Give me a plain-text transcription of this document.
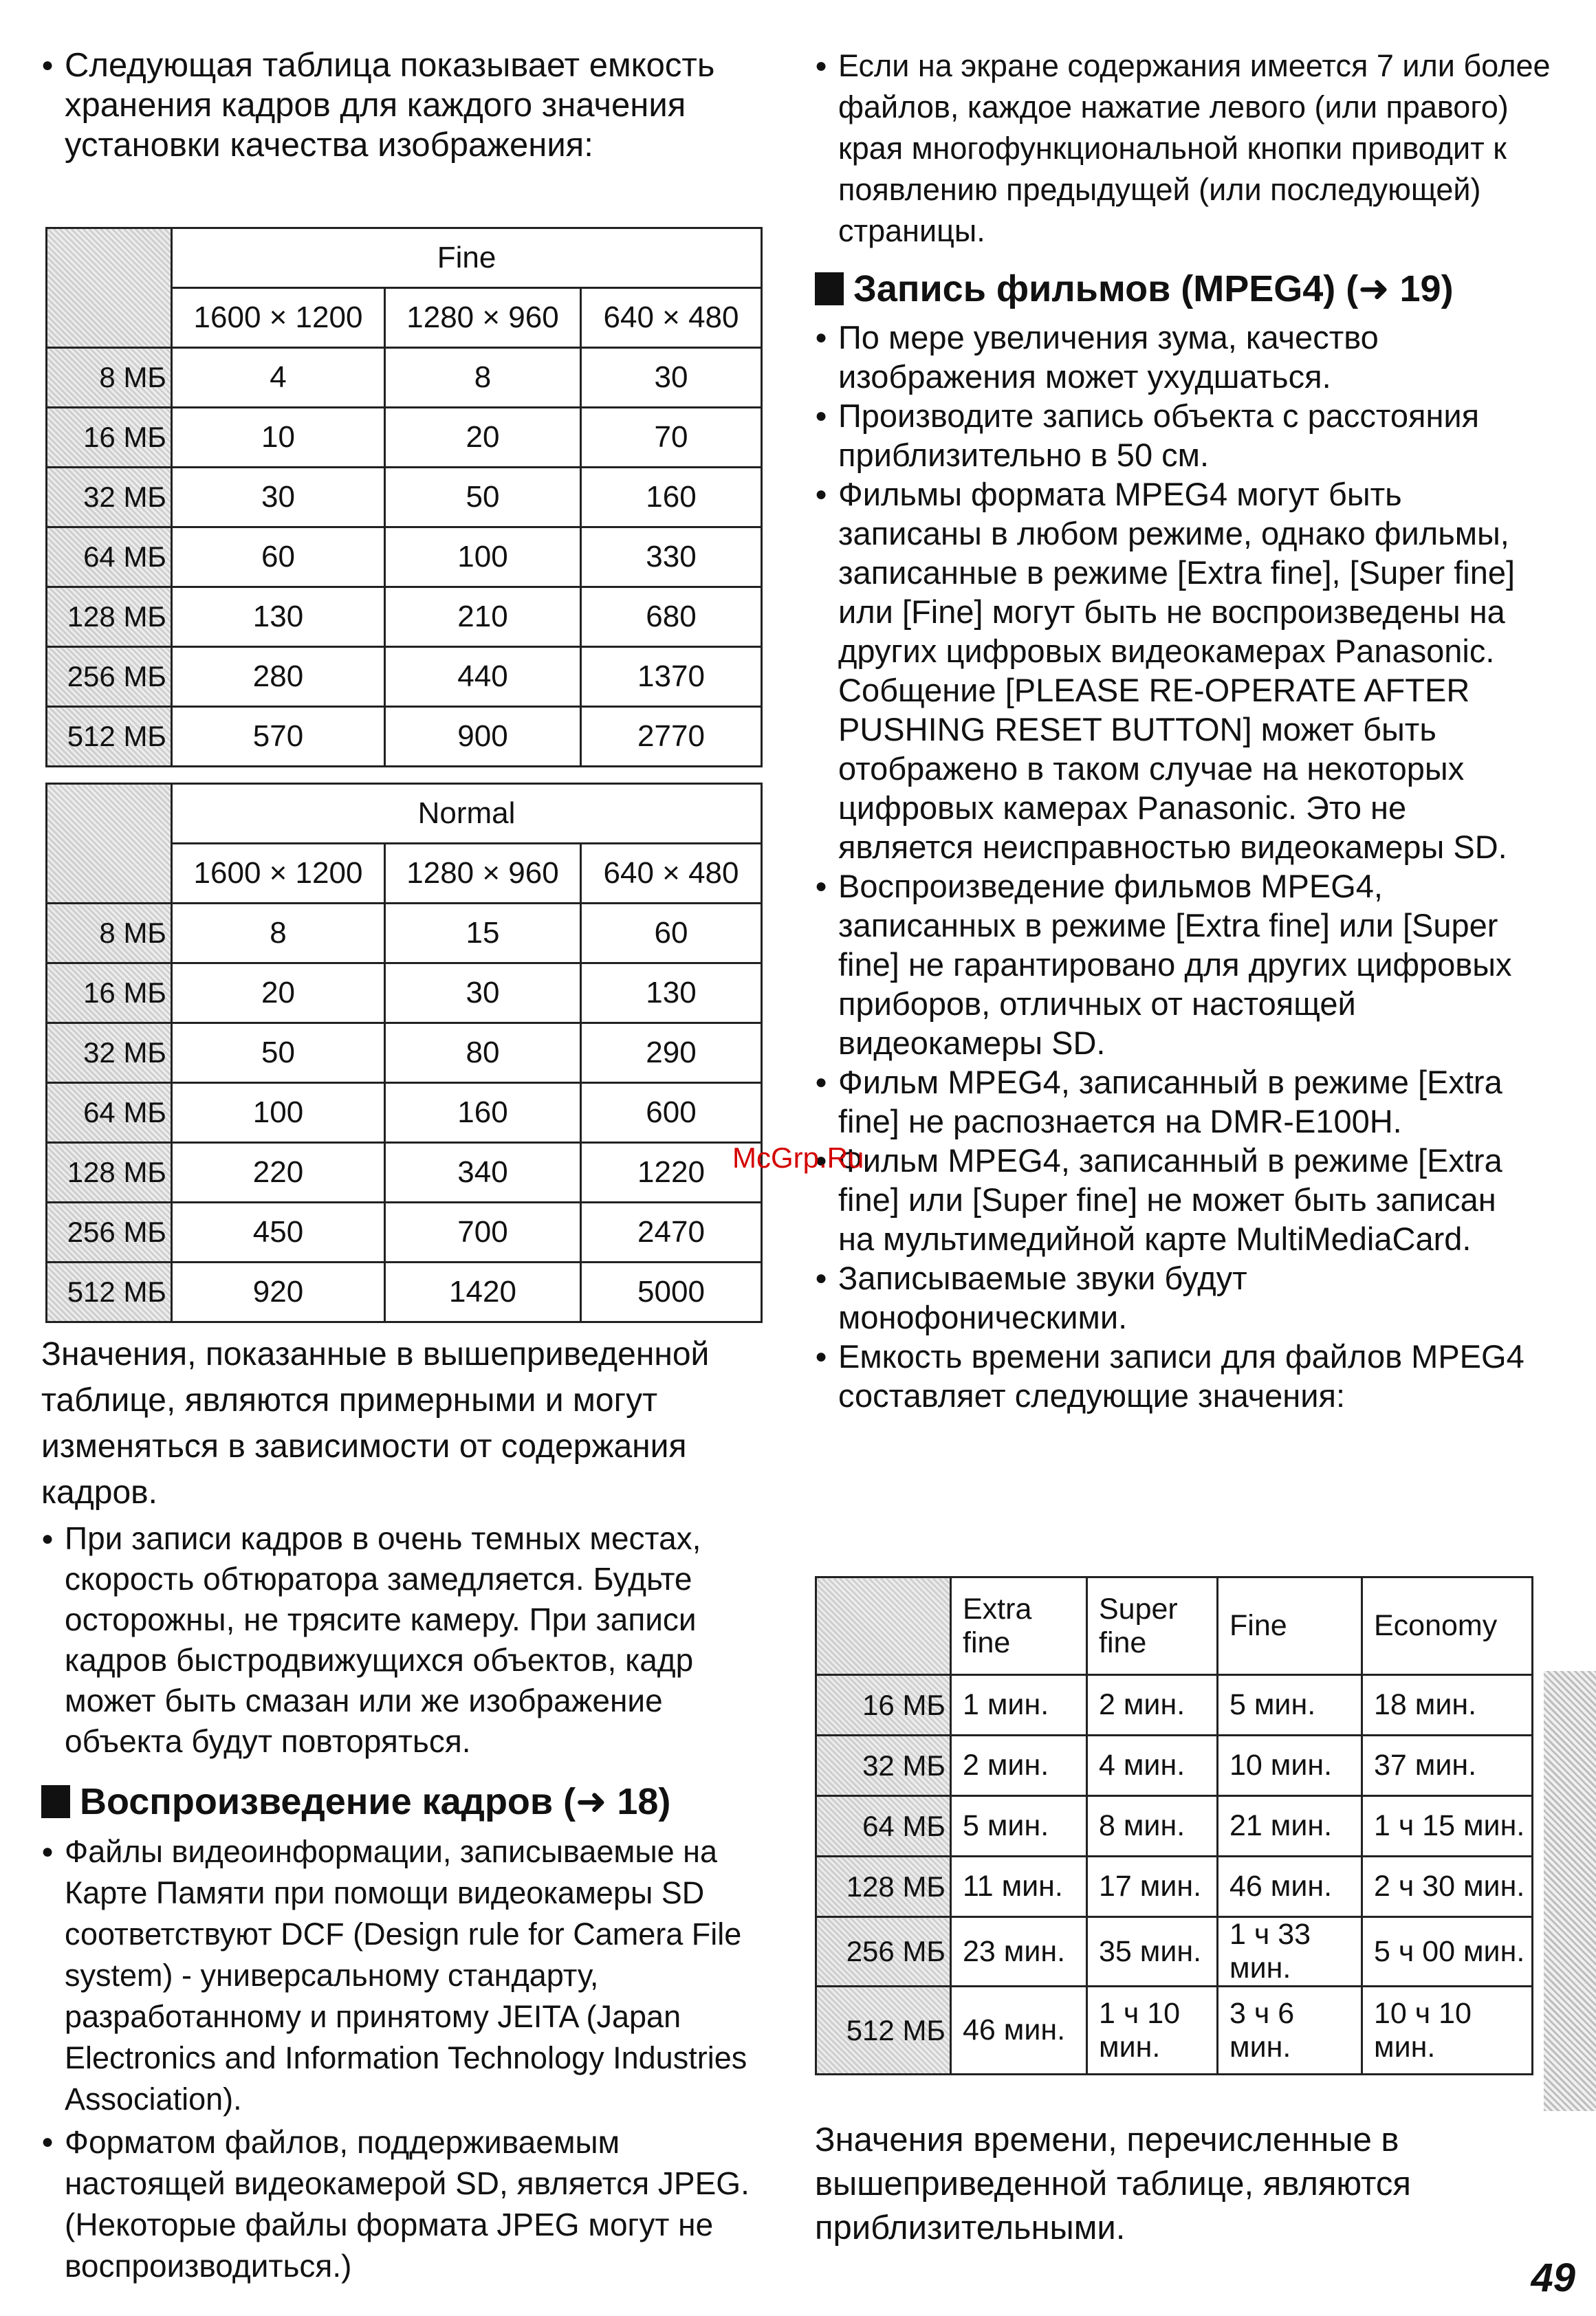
● Следующая таблица показывает емкость хранения кадров для каждого значения установки качества изображения:

	Fine		
	1600 × 1200	1280 × 960	640 × 480
8 МБ	4	8	30
16 МБ	10	20	70
32 МБ	30	50	160
64 МБ	60	100	330
128 МБ	130	210	680
256 МБ	280	440	1370
512 МБ	570	900	2770
	Normal		
	1600 × 1200	1280 × 960	640 × 480
8 МБ	8	15	60
16 МБ	20	30	130
32 МБ	50	80	290
64 МБ	100	160	600
128 МБ	220	340	1220
256 МБ	450	700	2470
512 МБ	920	1420	5000

Значения, показанные в вышеприведенной таблице, являются примерными и могут изменяться в зависимости от содержания кадров.

● При записи кадров в очень темных местах, скорость обтюратора замедляется. Будьте осторожны, не трясите камеру. При записи кадров быстродвижущихся объектов, кадр может быть смазан или же изображение объекта будут повторяться.

Воспроизведение кадров (➜ 18)

● Файлы видеоинформации, записываемые на Карте Памяти при помощи видеокамеры SD соответствуют DCF (Design rule for Camera File system) - универсальному стандарту, разработанному и принятому JEITA (Japan Electronics and Information Technology Industries Association).

● Форматом файлов, поддерживаемым настоящей видеокамерой SD, является JPEG. (Некоторые файлы формата JPEG могут не воспроизводиться.)

● Если на экране содержания имеется 7 или более файлов, каждое нажатие левого (или правого) края многофункциональной кнопки приводит к появлению предыдущей (или последующей) страницы.

Запись фильмов (MPEG4) (➜ 19)

● По мере увеличения зума, качество изображения может ухудшаться.

● Производите запись объекта с расстояния приблизительно в 50 см.

● Фильмы формата MPEG4 могут быть записаны в любом режиме, однако фильмы, записанные в режиме [Extra fine], [Super fine] или [Fine] могут быть не воспроизведены на других цифровых видеокамерах Panasonic. Собщение [PLEASE RE-OPERATE AFTER PUSHING RESET BUTTON] может быть отображено в таком случае на некоторых цифровых камерах Panasonic. Это не является неисправностью видеокамеры SD.

● Воспроизведение фильмов MPEG4, записанных в режиме [Extra fine] или [Super fine] не гарантировано для других цифровых приборов, отличных от настоящей видеокамеры SD.

● Фильм MPEG4, записанный в режиме [Extra fine] не распознается на DMR-E100H.

● Фильм MPEG4, записанный в режиме [Extra fine] или [Super fine] не может быть записан на мультимедийной карте MultiMediaCard.

● Записываемые звуки будут монофоническими.

● Емкость времени записи для файлов MPEG4 составляет следующие значения:

	Extra fine	Super fine	Fine	Economy
16 МБ	1 мин.	2 мин.	5 мин.	18 мин.
32 МБ	2 мин.	4 мин.	10 мин.	37 мин.
64 МБ	5 мин.	8 мин.	21 мин.	1 ч 15 мин.
128 МБ	11 мин.	17 мин.	46 мин.	2 ч 30 мин.
256 МБ	23 мин.	35 мин.	1 ч 33 мин.	5 ч 00 мин.
512 МБ	46 мин.	1 ч 10 мин.	3 ч 6 мин.	10 ч 10 мин.

Значения времени, перечисленные в вышеприведенной таблице, являются приблизительными.

McGrp.Ru
49
